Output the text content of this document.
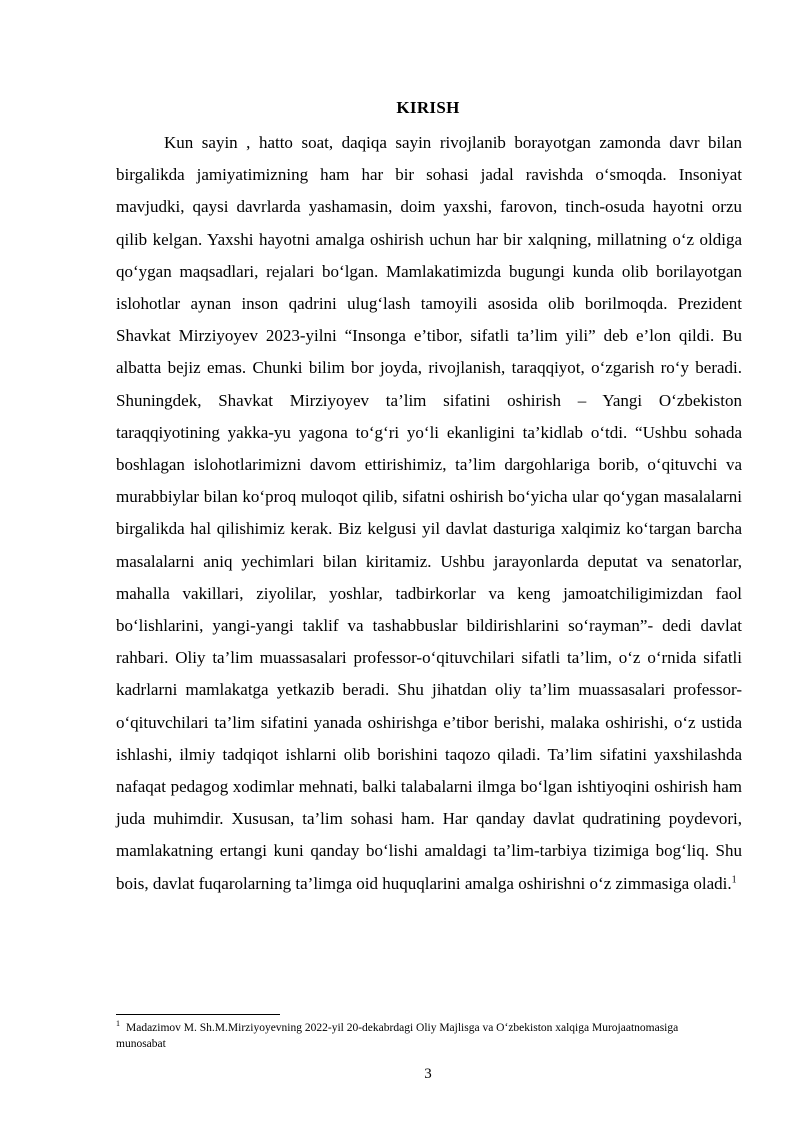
KIRISH

Kun sayin , hatto soat, daqiqa sayin rivojlanib borayotgan zamonda davr bilan birgalikda jamiyatimizning ham har bir sohasi jadal ravishda o‘smoqda. Insoniyat mavjudki, qaysi davrlarda yashamasin, doim yaxshi, farovon, tinch-osuda hayotni orzu qilib kelgan. Yaxshi hayotni amalga oshirish uchun har bir xalqning, millatning o‘z oldiga qo‘ygan maqsadlari, rejalari bo‘lgan. Mamlakatimizda bugungi kunda olib borilayotgan islohotlar aynan inson qadrini ulug‘lash tamoyili asosida olib borilmoqda. Prezident Shavkat Mirziyoyev 2023-yilni “Insonga e’tibor, sifatli ta’lim yili” deb e’lon qildi. Bu albatta bejiz emas. Chunki bilim bor joyda, rivojlanish, taraqqiyot, o‘zgarish ro‘y beradi. Shuningdek, Shavkat Mirziyoyev ta’lim sifatini oshirish – Yangi O‘zbekiston taraqqiyotining yakka-yu yagona to‘g‘ri yo‘li ekanligini ta’kidlab o‘tdi. “Ushbu sohada boshlagan islohotlarimizni davom ettirishimiz, ta’lim dargohlariga borib, o‘qituvchi va murabbiylar bilan ko‘proq muloqot qilib, sifatni oshirish bo‘yicha ular qo‘ygan masalalarni birgalikda hal qilishimiz kerak. Biz kelgusi yil davlat dasturiga xalqimiz ko‘targan barcha masalalarni aniq yechimlari bilan kiritamiz. Ushbu jarayonlarda deputat va senatorlar, mahalla vakillari, ziyolilar, yoshlar, tadbirkorlar va keng jamoatchiligimizdan faol bo‘lishlarini, yangi-yangi taklif va tashabbuslar bildirishlarini so‘rayman”- dedi davlat rahbari. Oliy ta’lim muassasalari professor-o‘qituvchilari sifatli ta’lim, o‘z o‘rnida sifatli kadrlarni mamlakatga yetkazib beradi. Shu jihatdan oliy ta’lim muassasalari professor-o‘qituvchilari ta’lim sifatini yanada oshirishga e’tibor berishi, malaka oshirishi, o‘z ustida ishlashi, ilmiy tadqiqot ishlarni olib borishini taqozo qiladi. Ta’lim sifatini yaxshilashda nafaqat pedagog xodimlar mehnati, balki talabalarni ilmga bo‘lgan ishtiyoqini oshirish ham juda muhimdir. Xususan, ta’lim sohasi ham. Har qanday davlat qudratining poydevori, mamlakatning ertangi kuni qanday bo‘lishi amaldagi ta’lim-tarbiya tizimiga bog‘liq. Shu bois, davlat fuqarolarning ta’limga oid huquqlarini amalga oshirishni o‘z zimmasiga oladi.$^1$

$^1$ Madazimov M. Sh.M.Mirziyoyevning 2022-yil 20-dekabrdagi Oliy Majlisga va O‘zbekiston xalqiga Murojaatnomasiga munosabat
3
